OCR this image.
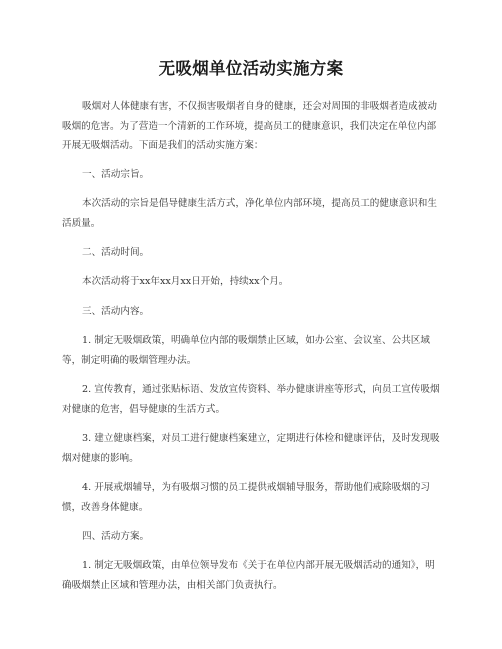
无吸烟单位活动实施方案

吸烟对人体健康有害，不仅损害吸烟者自身的健康，还会对周围的非吸烟者造成被动吸烟的危害。为了营造一个清新的工作环境，提高员工的健康意识，我们决定在单位内部开展无吸烟活动。下面是我们的活动实施方案：

一、活动宗旨。

本次活动的宗旨是倡导健康生活方式，净化单位内部环境，提高员工的健康意识和生活质量。

二、活动时间。

本次活动将于xx年xx月xx日开始，持续xx个月。

三、活动内容。

1. 制定无吸烟政策，明确单位内部的吸烟禁止区域，如办公室、会议室、公共区域等，制定明确的吸烟管理办法。

2. 宣传教育，通过张贴标语、发放宣传资料、举办健康讲座等形式，向员工宣传吸烟对健康的危害，倡导健康的生活方式。

3. 建立健康档案，对员工进行健康档案建立，定期进行体检和健康评估，及时发现吸烟对健康的影响。

4. 开展戒烟辅导，为有吸烟习惯的员工提供戒烟辅导服务，帮助他们戒除吸烟的习惯，改善身体健康。

四、活动方案。

1. 制定无吸烟政策，由单位领导发布《关于在单位内部开展无吸烟活动的通知》，明确吸烟禁止区域和管理办法，由相关部门负责执行。
